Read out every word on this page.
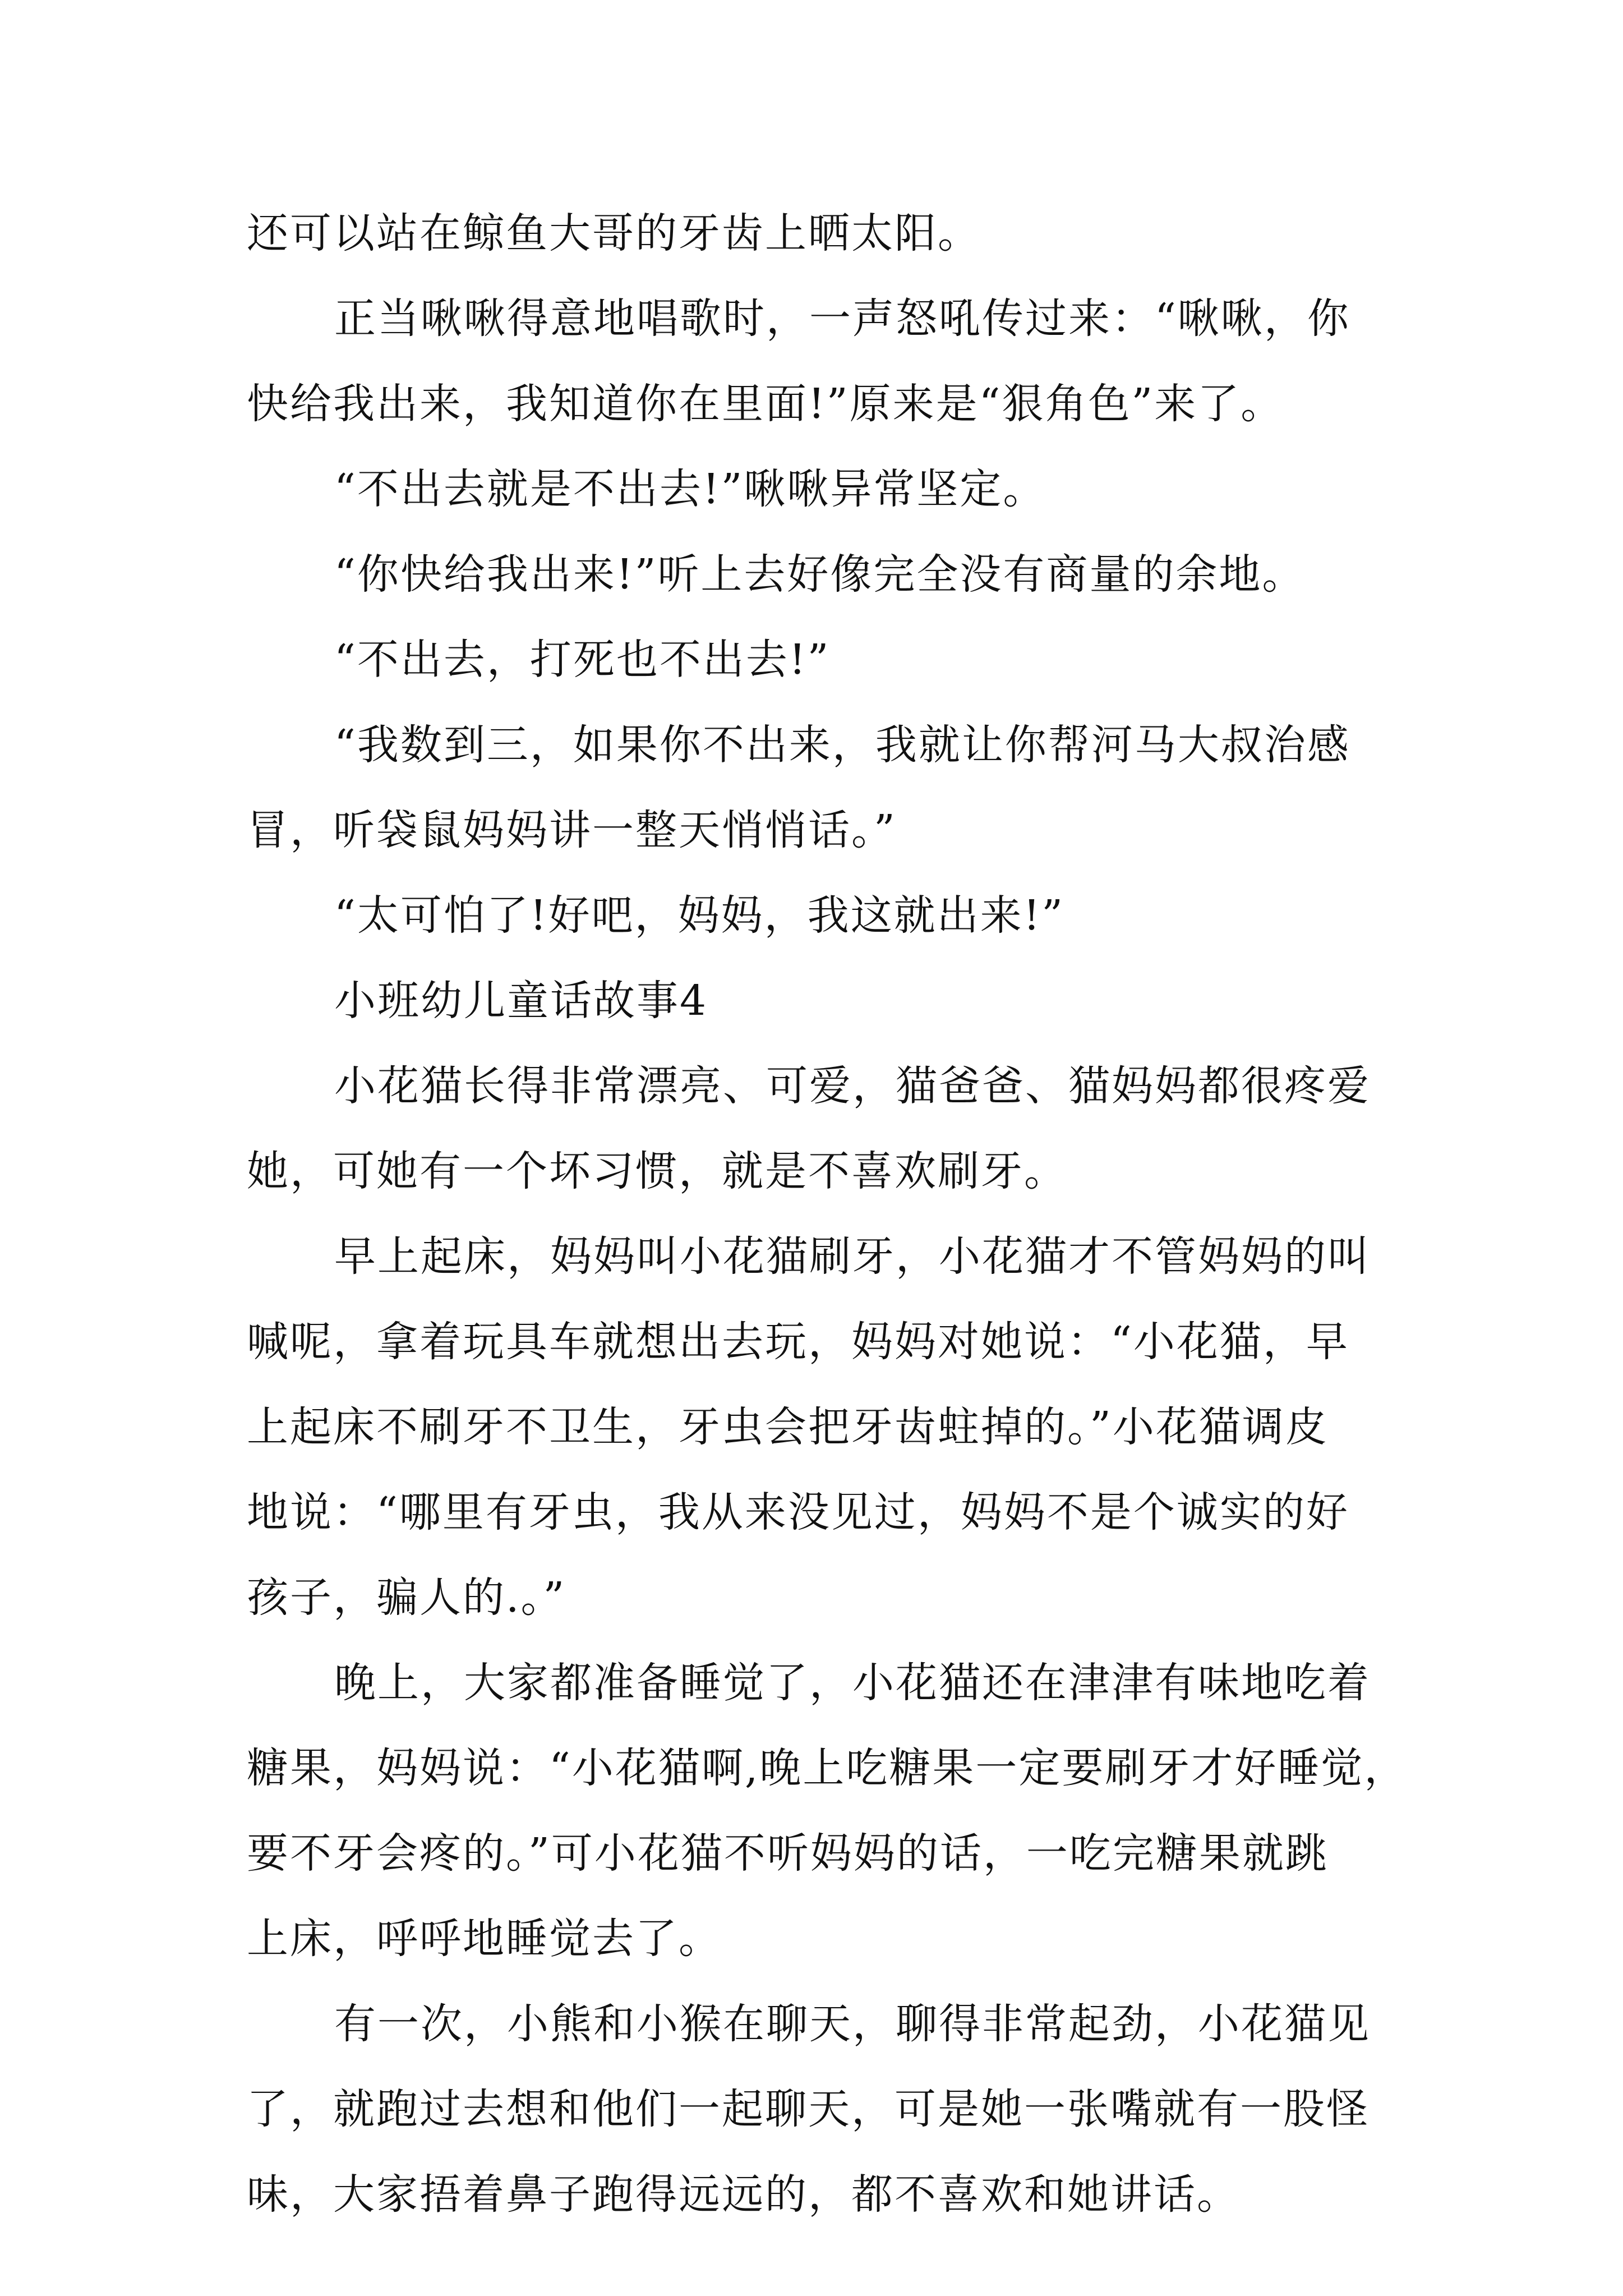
还可以站在鲸鱼大哥的牙齿上晒太阳。
正当啾啾得意地唱歌时，一声怒吼传过来：“啾啾，你
快给我出来，我知道你在里面!”原来是“狠角色”来了。
“不出去就是不出去!”啾啾异常坚定。
“你快给我出来!”听上去好像完全没有商量的余地。
“不出去，打死也不出去!”
“我数到三，如果你不出来，我就让你帮河马大叔治感
冒，听袋鼠妈妈讲一整天悄悄话。”
“太可怕了!好吧，妈妈，我这就出来!”
小班幼儿童话故事4
小花猫长得非常漂亮、可爱，猫爸爸、猫妈妈都很疼爱
她，可她有一个坏习惯，就是不喜欢刷牙。
早上起床，妈妈叫小花猫刷牙，小花猫才不管妈妈的叫
喊呢，拿着玩具车就想出去玩，妈妈对她说：“小花猫，早
上起床不刷牙不卫生，牙虫会把牙齿蛀掉的。”小花猫调皮
地说：“哪里有牙虫，我从来没见过，妈妈不是个诚实的好
孩子，骗人的.。”
晚上，大家都准备睡觉了，小花猫还在津津有味地吃着
糖果，妈妈说：“小花猫啊,晚上吃糖果一定要刷牙才好睡觉，
要不牙会疼的。”可小花猫不听妈妈的话，一吃完糖果就跳
上床，呼呼地睡觉去了。
有一次，小熊和小猴在聊天，聊得非常起劲，小花猫见
了，就跑过去想和他们一起聊天，可是她一张嘴就有一股怪
味，大家捂着鼻子跑得远远的，都不喜欢和她讲话。
